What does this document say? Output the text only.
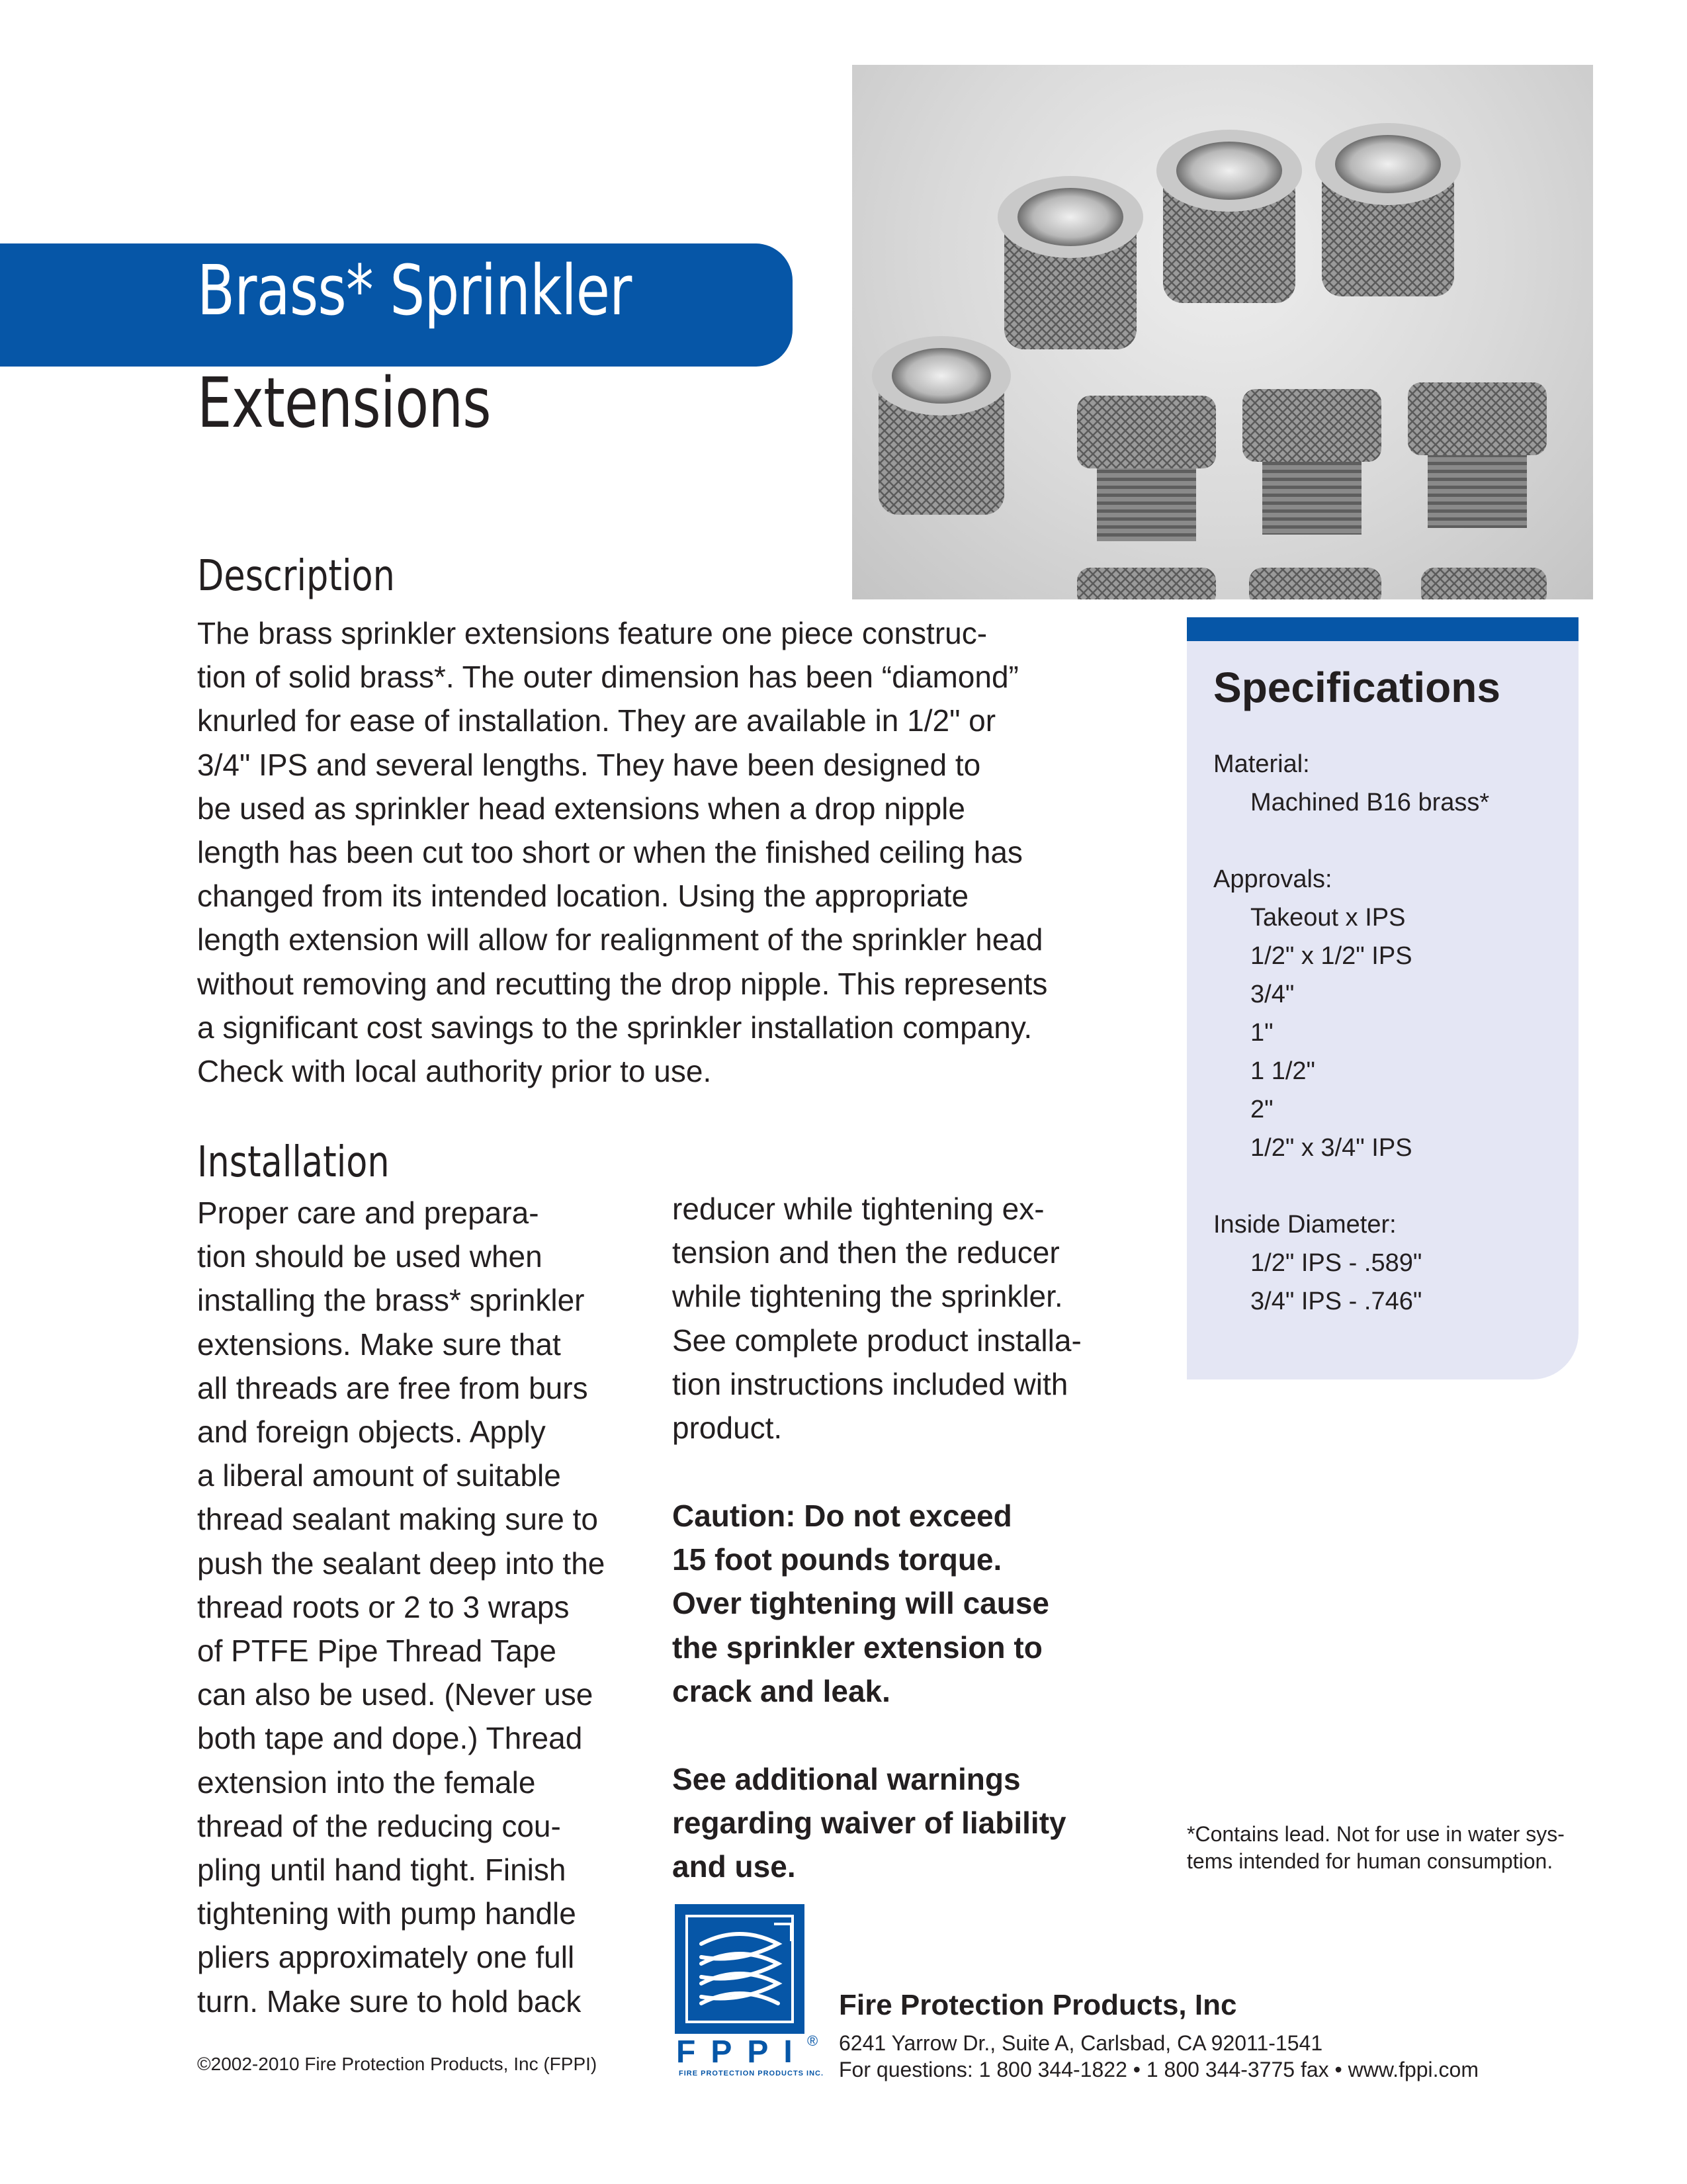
Brass* Sprinkler
Extensions
Description
The brass sprinkler extensions feature one piece construc-
tion of solid brass*. The outer dimension has been “diamond”
knurled for ease of installation. They are available in 1/2" or
3/4" IPS and several lengths. They have been designed to
be used as sprinkler head extensions when a drop nipple
length has been cut too short or when the finished ceiling has
changed from its intended location. Using the appropriate
length extension will allow for realignment of the sprinkler head
without removing and recutting the drop nipple. This represents
a significant cost savings to the sprinkler installation company.
Check with local authority prior to use.
Installation
Proper care and prepara-
tion should be used when
installing the brass* sprinkler
extensions. Make sure that
all threads are free from burs
and foreign objects. Apply
a liberal amount of suitable
thread sealant making sure to
push the sealant deep into the
thread roots or 2 to 3 wraps
of PTFE Pipe Thread Tape
can also be used. (Never use
both tape and dope.) Thread
extension into the female
thread of the reducing cou-
pling until hand tight. Finish
tightening with pump handle
pliers approximately one full
turn. Make sure to hold back
reducer while tightening ex-
tension and then the reducer
while tightening the sprinkler.
See complete product installa-
tion instructions included with
product.
Caution: Do not exceed
15 foot pounds torque.
Over tightening will cause
the sprinkler extension to
crack and leak.
See additional warnings
regarding waiver of liability
and use.
Specifications
Material:
Machined B16 brass*
Approvals:
Takeout x IPS
1/2" x 1/2" IPS
3/4"
1"
1 1/2"
2"
1/2" x 3/4" IPS
Inside Diameter:
1/2" IPS - .589"
3/4" IPS - .746"
*Contains lead. Not for use in water sys-
tems intended for human consumption.
FPPI ®
FIRE PROTECTION PRODUCTS INC.
©2002-2010 Fire Protection Products, Inc (FPPI)
Fire Protection Products, Inc
6241 Yarrow Dr., Suite A, Carlsbad, CA 92011-1541
For questions: 1 800 344-1822 • 1 800 344-3775 fax • www.fppi.com
